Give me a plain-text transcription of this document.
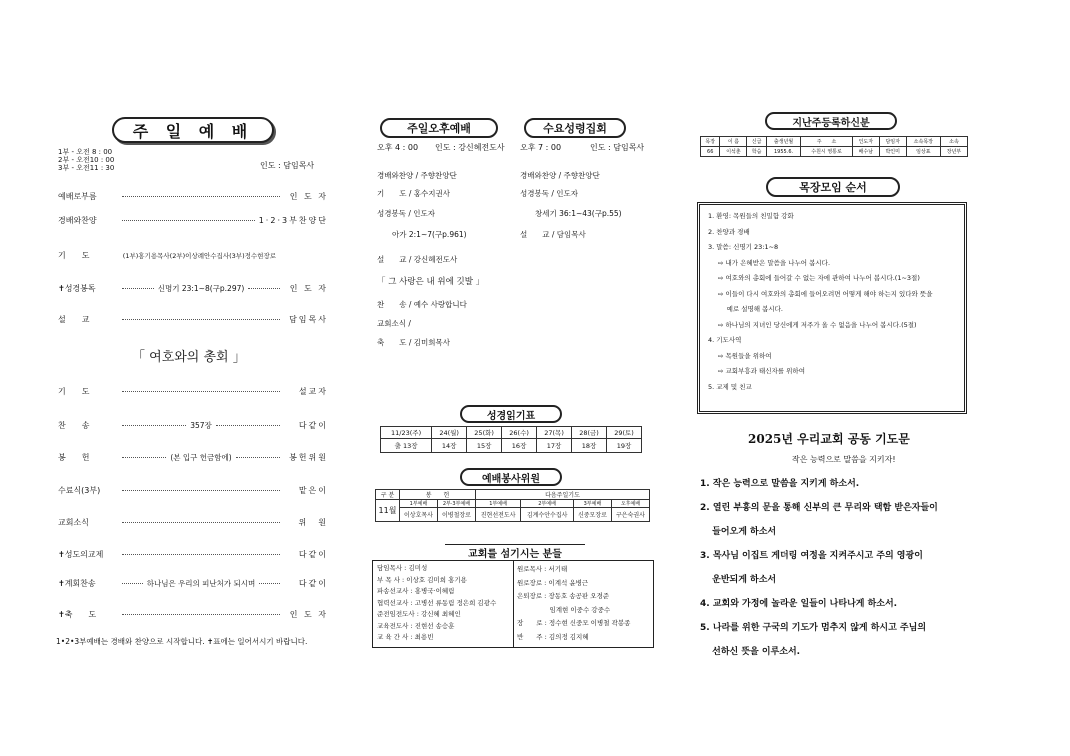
주 일 예 배
1부 - 오전 8 : 00
2부 - 오전10 : 00
3부 - 오전11 : 30	인도 : 담임목사
예배로부름	인 도 자
경배와찬양	1·2·3부찬양단
기　　도	(1부)홍기용목사(2부)이상례안수집사(3부)정수현장로
✝성경봉독	신명기 23:1~8(구p.297)	인 도 자
설　　교	담임목사
「 여호와의 총회 」
기　　도	설교자
찬　　송	357장	다같이
봉　　헌	(본 입구 헌금함에)	봉헌위원
수료식(3부)	맡은이
교회소식	위　원
✝성도의교제	다같이
✝계회찬송	하나님은 우리의 피난처가 되시며	다같이
✝축　　도	인 도 자
1•2•3부예배는 경배와 찬양으로 시작합니다. ✝표에는 일어서시기 바랍니다.
주일오후예배
오후 4 : 00 인도 : 강신혜전도사
경배와찬양 / 주향찬양단
기　　도 / 홍수지권사
성경봉독 / 인도자
　　아가 2:1~7(구p.961)
설　　교 / 강신혜전도사
「 그 사랑은 내 위에 깃발 」
찬　　송 / 예수 사랑합니다
교회소식 /
축　　도 / 김미희목사
수요성령집회
오후 7 : 00	인도 : 담임목사
경배와찬양 / 주향찬양단
성경봉독 / 인도자
　　창세기 36:1~43(구p.55)
설　　교 / 담임목사
성경읽기표
11/23(주)	24(월)	25(화)	26(수)	27(목)	28(금)	29(토)
출 13장	14장	15장	16장	17장	18장	19장
예배봉사위원
구 분	봉　　헌		다음주일기도			
11월	1부예배	2부·3부예배	1부예배	2부예배	3부예배	오후예배
	이상호목사	이병철장로	진현선전도사	김계수안수집사	신중모장로	구은숙권사
교회를 섬기시는 분들
담임목사 : 김미성
부 목 사 : 이상호 김미희 홍기용
파송선교사 : 홍병국·이혜림
협력선교사 : 고병선 류동림 정은희 김광수
준전임전도사 : 강신혜 최혜인
교육전도사 : 진현선 송승훈
교 육 간 사 : 최용빈
원로목사 : 서기태
원로장로 : 이계석 윤병근
은퇴장로 : 장동호 송공판 오경준
　　　　　임계현 이중수 강중수
장　　로 : 정수현 신중모 이병철 곽봉종
반　　주 : 김의정 김지혜
지난주등록하신분
목장	이 름	신급	출생년월	주　　소	인도자	담임자	소속목장	소속
66	이석춘	학습	1955.6.	수원시 영통로	배수남	박인미	임상표	장년부
목장모임 순서
1. 환영: 목원들의 친밀함 강화
2. 찬양과 경배
3. 말씀: 신명기 23:1~8
⇨ 내가 은혜받은 말씀을 나누어 봅시다.
⇨ 여호와의 총회에 들어갈 수 없는 자에 관하여 나누어 봅시다.(1~3절)
⇨ 이들이 다시 여호와의 총회에 들어오려면 어떻게 해야 하는지 있다와 뜻을
　 예로 설명해 봅시다.
⇨ 하나님의 지녀인 당신에게 저주가 올 수 없음을 나누어 봅시다.(5절)
4. 기도사역
⇨ 목원들을 위하여
⇨ 교회부흥과 태신자를 위하여
5. 교제 및 친교
2025년 우리교회 공동 기도문
작은 능력으로 말씀을 지키자!
1. 작은 능력으로 말씀을 지키게 하소서.
2. 열린 부흥의 문을 통해 신부의 큰 무리와 택함 받은자들이
　 들어오게 하소서
3. 목사님 이집트 게더링 여정을 지켜주시고 주의 영광이
　 운반되게 하소서
4. 교회와 가정에 놀라운 일들이 나타나게 하소서.
5. 나라를 위한 구국의 기도가 멈추지 않게 하시고 주님의
　 선하신 뜻을 이루소서.
